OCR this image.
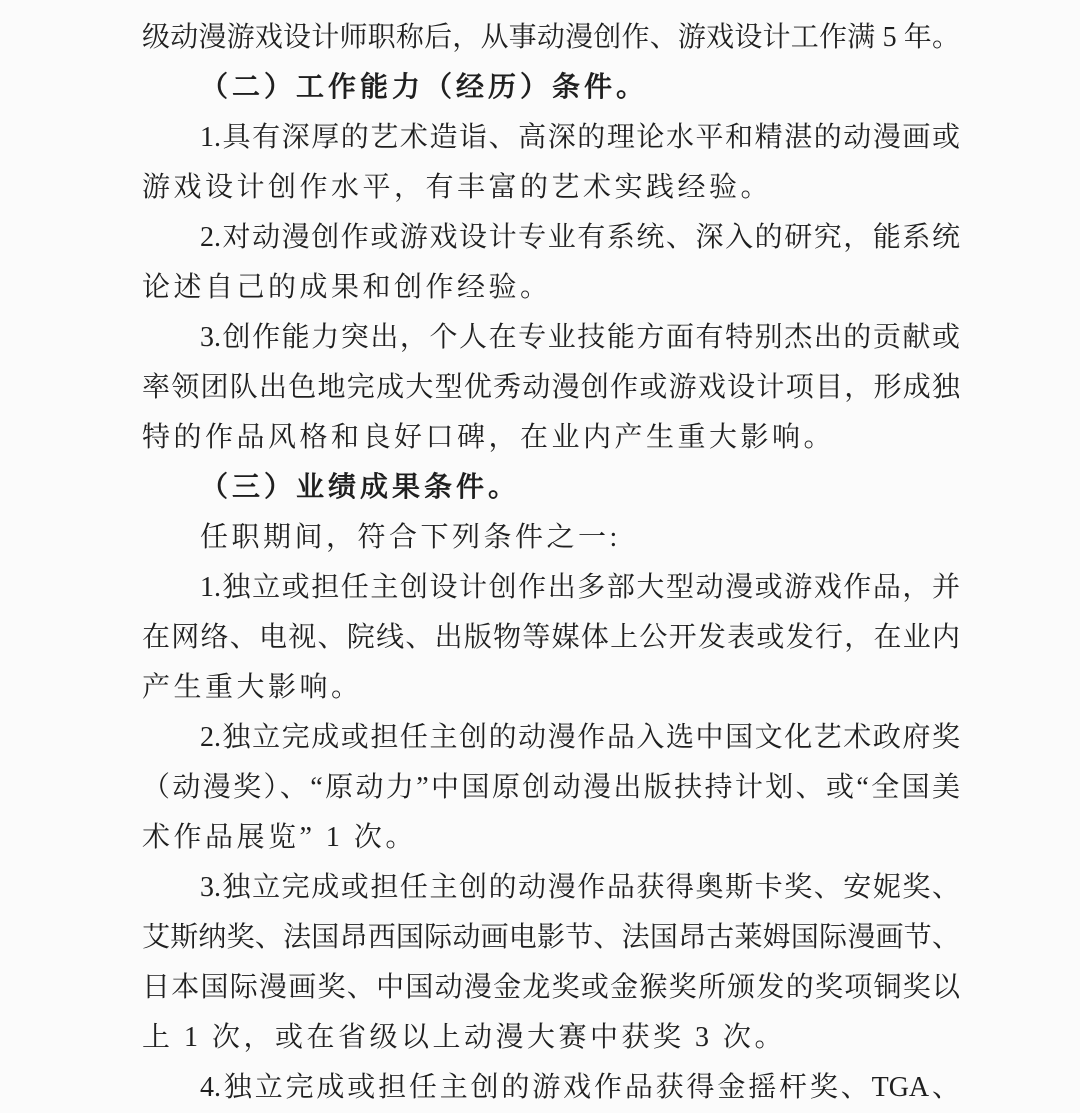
级动漫游戏设计师职称后，从事动漫创作、游戏设计工作满 5 年。
（二）工作能力（经历）条件。
1.具有深厚的艺术造诣、高深的理论水平和精湛的动漫画或
游戏设计创作水平，有丰富的艺术实践经验。
2.对动漫创作或游戏设计专业有系统、深入的研究，能系统
论述自己的成果和创作经验。
3.创作能力突出，个人在专业技能方面有特别杰出的贡献或
率领团队出色地完成大型优秀动漫创作或游戏设计项目，形成独
特的作品风格和良好口碑，在业内产生重大影响。
（三）业绩成果条件。
任职期间，符合下列条件之一:
1.独立或担任主创设计创作出多部大型动漫或游戏作品，并
在网络、电视、院线、出版物等媒体上公开发表或发行，在业内
产生重大影响。
2.独立完成或担任主创的动漫作品入选中国文化艺术政府奖
（动漫奖）、“原动力”中国原创动漫出版扶持计划、或“全国美
术作品展览” 1 次。
3.独立完成或担任主创的动漫作品获得奥斯卡奖、安妮奖、
艾斯纳奖、法国昂西国际动画电影节、法国昂古莱姆国际漫画节、
日本国际漫画奖、中国动漫金龙奖或金猴奖所颁发的奖项铜奖以
上 1 次，或在省级以上动漫大赛中获奖 3 次。
4.独立完成或担任主创的游戏作品获得金摇杆奖、TGA、
